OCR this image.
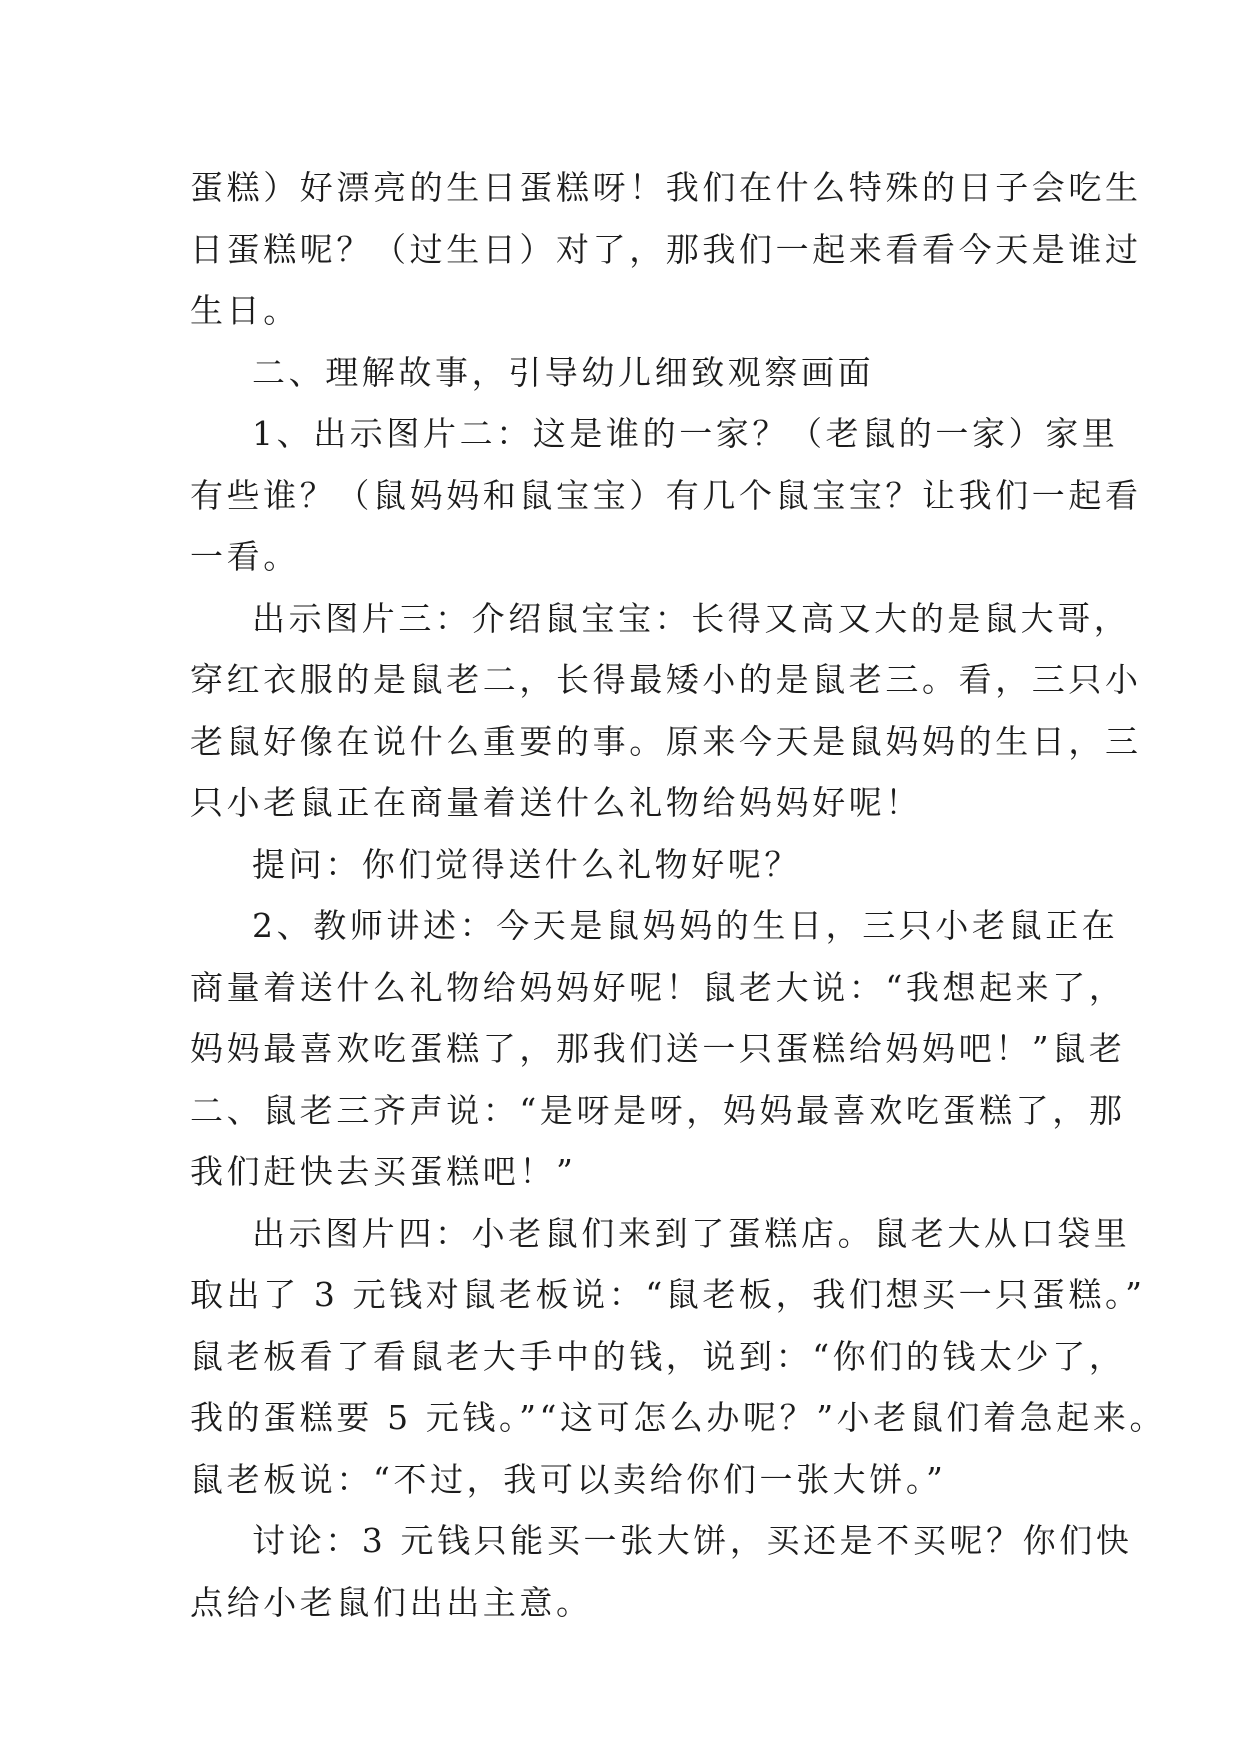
蛋糕）好漂亮的生日蛋糕呀！我们在什么特殊的日子会吃生
日蛋糕呢？（过生日）对了，那我们一起来看看今天是谁过
生日。
二、理解故事，引导幼儿细致观察画面
1、出示图片二：这是谁的一家？（老鼠的一家）家里
有些谁？（鼠妈妈和鼠宝宝）有几个鼠宝宝？让我们一起看
一看。
出示图片三：介绍鼠宝宝：长得又高又大的是鼠大哥，
穿红衣服的是鼠老二，长得最矮小的是鼠老三。看，三只小
老鼠好像在说什么重要的事。原来今天是鼠妈妈的生日，三
只小老鼠正在商量着送什么礼物给妈妈好呢！
提问：你们觉得送什么礼物好呢？
2、教师讲述：今天是鼠妈妈的生日，三只小老鼠正在
商量着送什么礼物给妈妈好呢！鼠老大说：“我想起来了，
妈妈最喜欢吃蛋糕了，那我们送一只蛋糕给妈妈吧！”鼠老
二、鼠老三齐声说：“是呀是呀，妈妈最喜欢吃蛋糕了，那
我们赶快去买蛋糕吧！”
出示图片四：小老鼠们来到了蛋糕店。鼠老大从口袋里
取出了 3 元钱对鼠老板说：“鼠老板，我们想买一只蛋糕。”
鼠老板看了看鼠老大手中的钱，说到：“你们的钱太少了，
我的蛋糕要 5 元钱。”“这可怎么办呢？”小老鼠们着急起来。
鼠老板说：“不过，我可以卖给你们一张大饼。”
讨论：3 元钱只能买一张大饼，买还是不买呢？你们快
点给小老鼠们出出主意。
